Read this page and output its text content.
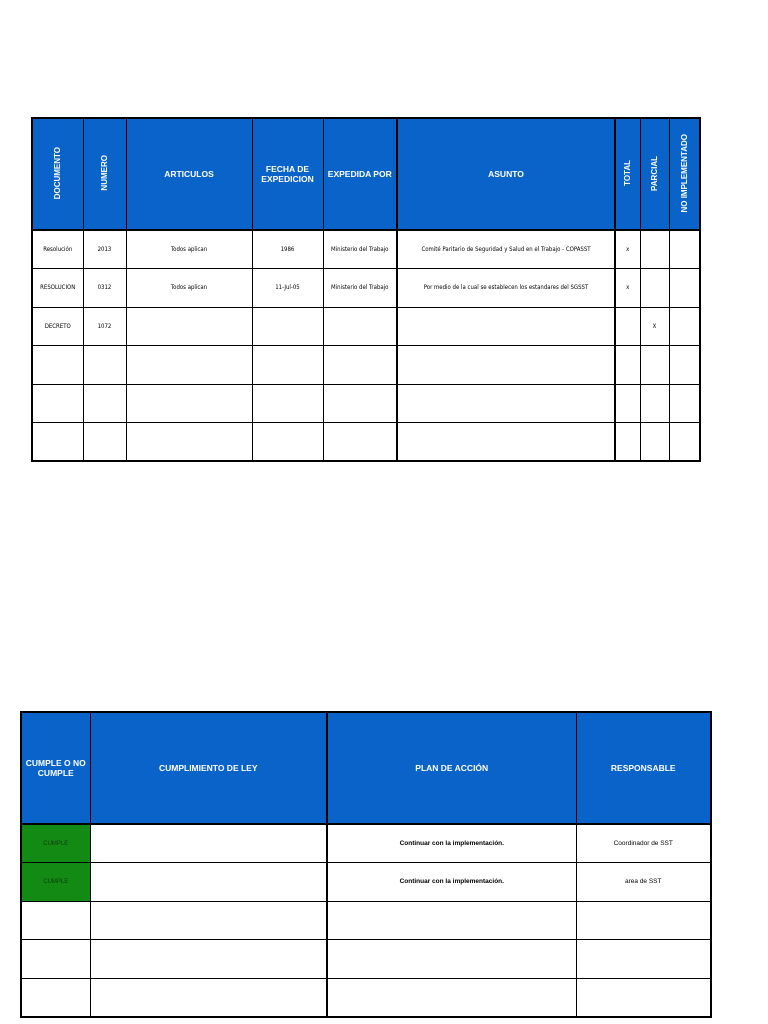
DOCUMENTO	NUMERO	ARTICULOS	FECHA DE EXPEDICION	EXPEDIDA POR	ASUNTO	TOTAL	PARCIAL	NO IMPLEMENTADO
Resolución	2013	Todos aplican	1986	Ministerio del Trabajo	Comité Paritario de Seguridad y Salud en el Trabajo - COPASST	x		
RESOLUCION	0312	Todos aplican	11-Jul-05	Ministerio del Trabajo	Por medio de la cual se establecen los estandares del SGSST	x		
DECRETO	1072						X	

CUMPLE O NO CUMPLE	CUMPLIMIENTO DE LEY	PLAN DE ACCIÓN	RESPONSABLE
CUMPLE		Continuar con la implementación.	Coordinador de SST
CUMPLE		Continuar con la implementación.	area de SST
